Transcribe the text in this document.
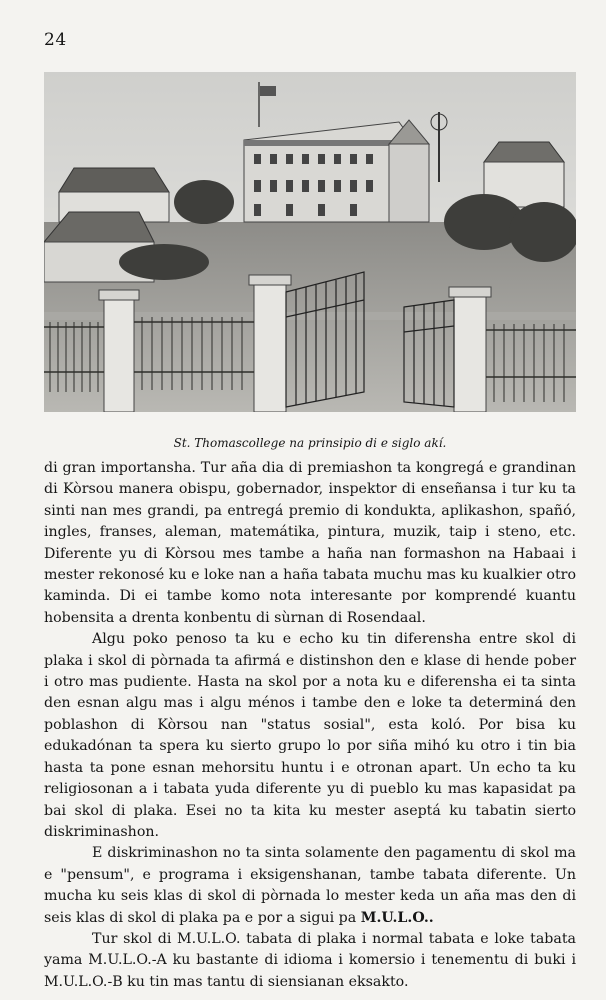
24
St. Thomascollege na prinsipio di e siglo akí.

di gran importansha. Tur aña dia di premiashon ta kongregá e grandinan di Kòrsou manera obispu, gobernador, inspektor di enseñansa i tur ku ta sinti nan mes grandi, pa entregá premio di kondukta, aplikashon, spañó, ingles, franses, aleman, matemátika, pintura, muzik, taip i steno, etc. Diferente yu di Kòrsou mes tambe a haña nan formashon na Habaai i mester rekonosé ku e loke nan a haña tabata muchu mas ku kualkier otro kaminda. Di ei tambe komo nota interesante por komprendé kuantu hobensita a drenta konbentu di sùrnan di Rosendaal.

Algu poko penoso ta ku e echo ku tin diferensha entre skol di plaka i skol di pòrnada ta afirmá e distinshon den e klase di hende pober i otro mas pudiente. Hasta na skol por a nota ku e diferensha ei ta sinta den esnan algu mas i algu ménos i tambe den e loke ta determiná den poblashon di Kòrsou nan "status sosial", esta koló. Por bisa ku edukadónan ta spera ku sierto grupo lo por siña mihó ku otro i tin bia hasta ta pone esnan mehorsitu huntu i e otronan apart. Un echo ta ku religiosonan a i tabata yuda diferente yu di pueblo ku mas kapasidat pa bai skol di plaka. Esei no ta kita ku mester aseptá ku tabatin sierto diskriminashon.

E diskriminashon no ta sinta solamente den pagamentu di skol ma e "pensum", e programa i eksigenshanan, tambe tabata diferente. Un mucha ku seis klas di skol di pòrnada lo mester keda un aña mas den di seis klas di skol di plaka pa e por a sigui pa M.U.L.O..

Tur skol di M.U.L.O. tabata di plaka i normal tabata e loke tabata yama M.U.L.O.-A ku bastante di idioma i komersio i tenementu di buki i M.U.L.O.-B ku tin mas tantu di siensianan eksakto.
